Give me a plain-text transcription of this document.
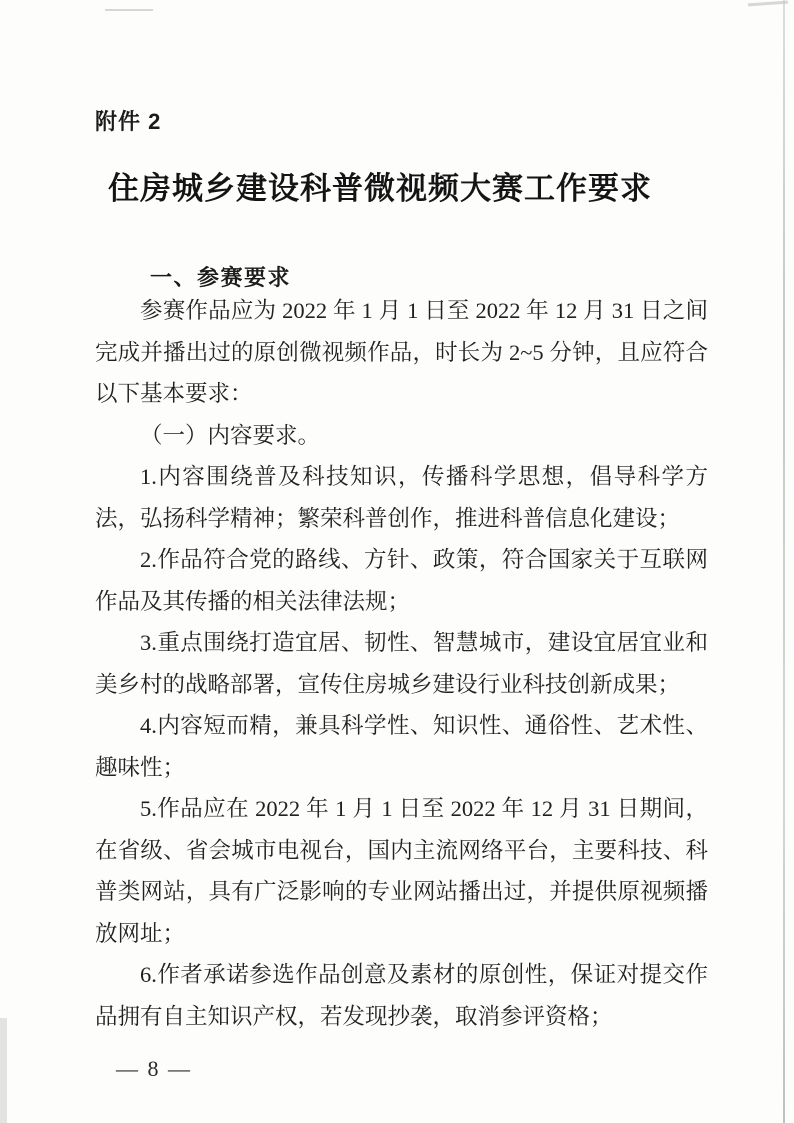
附件 2
住房城乡建设科普微视频大赛工作要求
一、参赛要求

参赛作品应为 2022 年 1 月 1 日至 2022 年 12 月 31 日之间完成并播出过的原创微视频作品，时长为 2~5 分钟，且应符合以下基本要求：

（一）内容要求。

1.内容围绕普及科技知识，传播科学思想，倡导科学方法，弘扬科学精神；繁荣科普创作，推进科普信息化建设；

2.作品符合党的路线、方针、政策，符合国家关于互联网作品及其传播的相关法律法规；

3.重点围绕打造宜居、韧性、智慧城市，建设宜居宜业和美乡村的战略部署，宣传住房城乡建设行业科技创新成果；

4.内容短而精，兼具科学性、知识性、通俗性、艺术性、趣味性；

5.作品应在 2022 年 1 月 1 日至 2022 年 12 月 31 日期间，在省级、省会城市电视台，国内主流网络平台，主要科技、科普类网站，具有广泛影响的专业网站播出过，并提供原视频播放网址；

6.作者承诺参选作品创意及素材的原创性，保证对提交作品拥有自主知识产权，若发现抄袭，取消参评资格；

— 8 —
